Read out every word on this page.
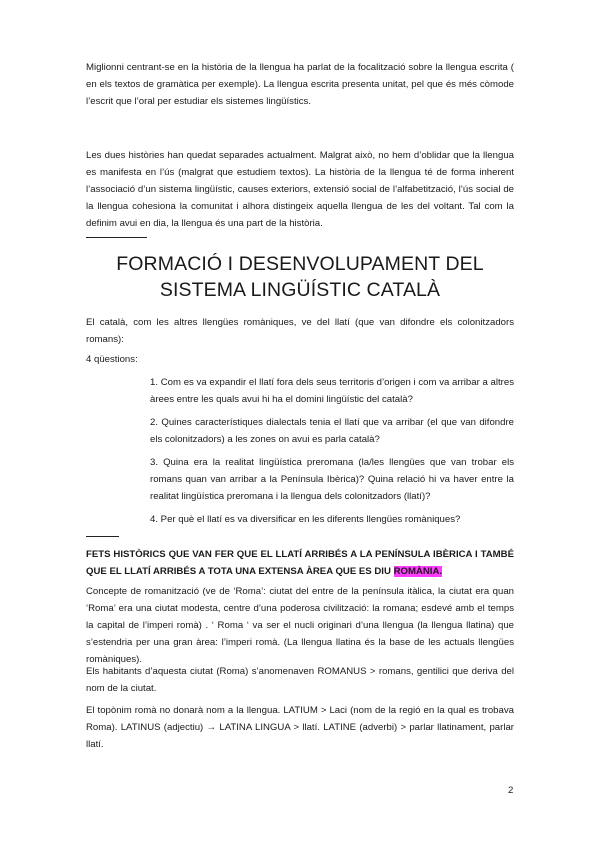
Miglionni centrant-se en la història de la llengua ha parlat de la focalització sobre la llengua escrita ( en els textos de gramàtica per exemple). La llengua escrita presenta unitat, pel que és més còmode l’escrit que l’oral per estudiar els sistemes lingüístics.

Les dues històries han quedat separades actualment. Malgrat això, no hem d’oblidar que la llengua es manifesta en l’ús (malgrat que estudiem textos). La història de la llengua té de forma inherent l’associació d’un sistema lingüístic, causes exteriors, extensió social de l’alfabetització, l’ús social de la llengua cohesiona la comunitat i alhora distingeix aquella llengua de les del voltant. Tal com la definim avui en dia, la llengua és una part de la història.

FORMACIÓ I DESENVOLUPAMENT DEL
SISTEMA LINGÜÍSTIC CATALÀ

El català, com les altres llengües romàniques, ve del llatí (que van difondre els colonitzadors romans):

4 qüestions:

1. Com es va expandir el llatí fora dels seus territoris d’origen i com va arribar a altres àrees entre les quals avui hi ha el domini lingüístic del català?
2. Quines característiques dialectals tenia el llatí que va arribar (el que van difondre els colonitzadors) a les zones on avui es parla català?
3. Quina era la realitat lingüística preromana (la/les llengües que van trobar els romans quan van arribar a la Península Ibèrica)? Quina relació hi va haver entre la realitat lingüística preromana i la llengua dels colonitzadors (llatí)?
4. Per què el llatí es va diversificar en les diferents llengües romàniques?

FETS HISTÒRICS QUE VAN FER QUE EL LLATÍ ARRIBÉS A LA PENÍNSULA IBÈRICA I TAMBÉ QUE EL LLATÍ ARRIBÉS A TOTA UNA EXTENSA ÀREA QUE ES DIU ROMÀNIA.

Concepte de romanització (ve de ‘Roma’: ciutat del entre de la península itàlica, la ciutat era quan ‘Roma’ era una ciutat modesta, centre d’una poderosa civilització: la romana; esdevé amb el temps la capital de l’imperi romà) . ‘ Roma ‘ va ser el nucli originari d’una llengua (la llengua llatina) que s’estendria per una gran àrea: l’imperi romà. (La llengua llatina és la base de les actuals llengües romàniques).

Els habitants d’aquesta ciutat (Roma) s’anomenaven ROMANUS > romans, gentilici que deriva del nom de la ciutat.

El topònim romà no donarà nom a la llengua. LATIUM > Laci (nom de la regió en la qual es trobava Roma). LATINUS (adjectiu) → LATINA LINGUA > llatí. LATINE (adverbi) > parlar llatinament, parlar llatí.

2
